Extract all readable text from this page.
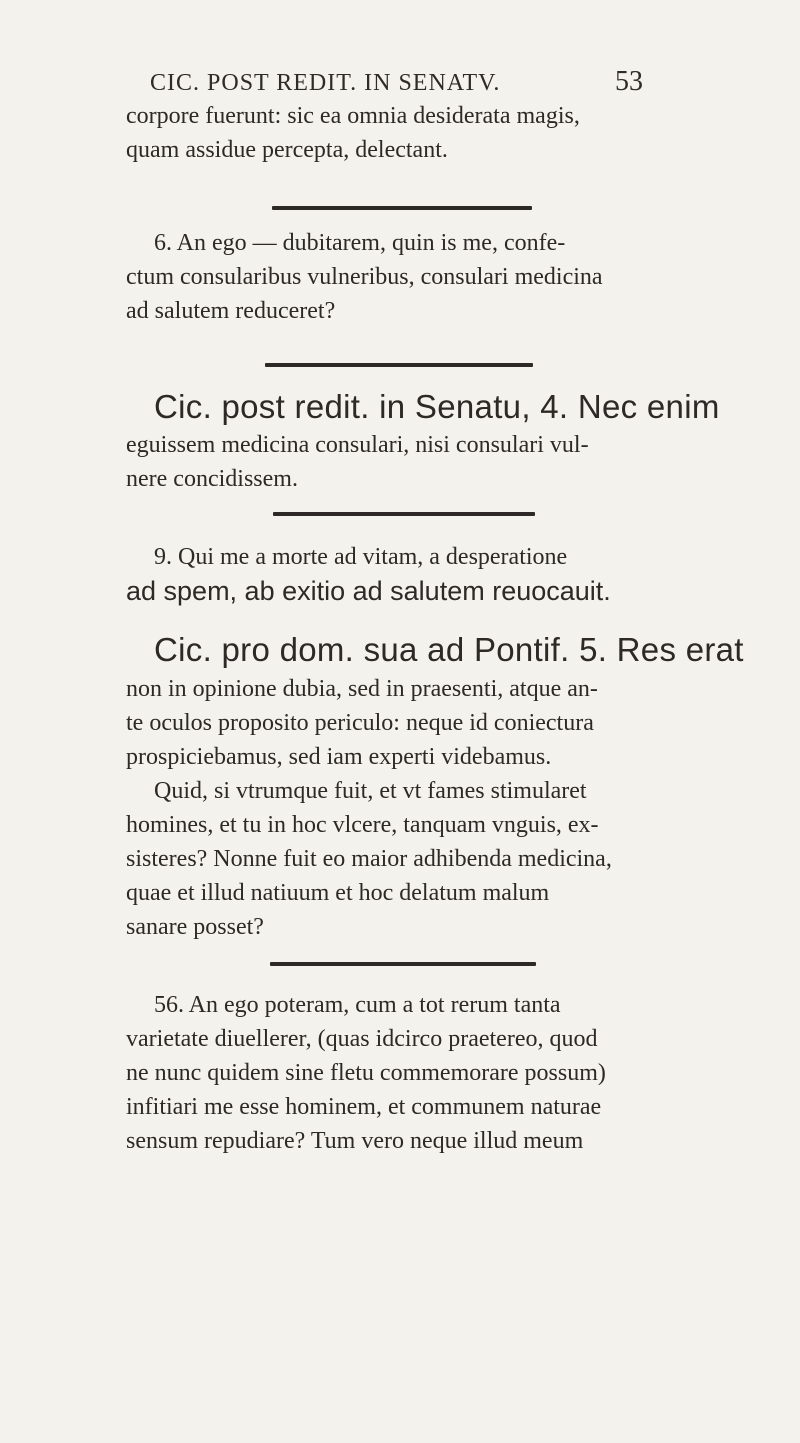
CIC. POST REDIT. IN SENATV.	53
corpore fuerunt: sic ea omnia desiderata magis,
quam assidue percepta, delectant.
6. An ego — dubitarem, quin is me, confe-
ctum consularibus vulneribus, consulari medicina
ad salutem reduceret?
Cic. post redit. in Senatu, 4. Nec enim
eguissem medicina consulari, nisi consulari vul-
nere concidissem.
9. Qui me a morte ad vitam, a desperatione
ad spem, ab exitio ad salutem reuocauit.
Cic. pro dom. sua ad Pontif. 5. Res erat
non in opinione dubia, sed in praesenti, atque an-
te oculos proposito periculo: neque id coniectura
prospiciebamus, sed iam experti videbamus.
Quid, si vtrumque fuit, et vt fames stimularet
homines, et tu in hoc vlcere, tanquam vnguis, ex-
sisteres? Nonne fuit eo maior adhibenda medicina,
quae et illud natiuum et hoc delatum malum
sanare posset?
56. An ego poteram, cum a tot rerum tanta
varietate diuellerer, (quas idcirco praetereo, quod
ne nunc quidem sine fletu commemorare possum)
infitiari me esse hominem, et communem naturae
sensum repudiare? Tum vero neque illud meum
